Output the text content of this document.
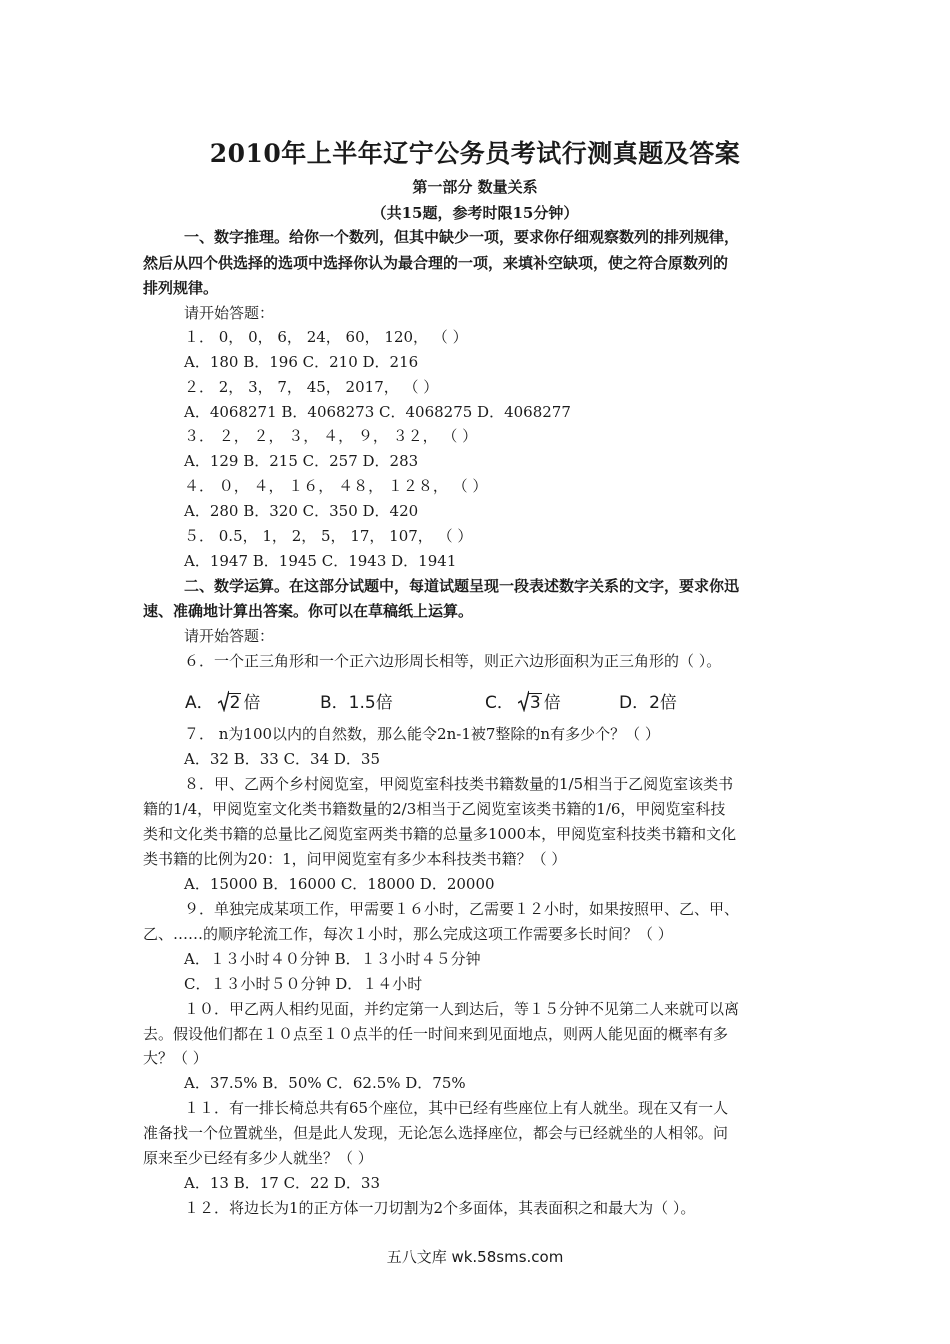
2010年上半年辽宁公务员考试行测真题及答案
第一部分 数量关系
（共15题，参考时限15分钟）
一、数字推理。给你一个数列，但其中缺少一项，要求你仔细观察数列的排列规律，
然后从四个供选择的选项中选择你认为最合理的一项，来填补空缺项，使之符合原数列的
排列规律。
请开始答题：
１． 0， 0， 6， 24， 60， 120， （ ）
A．180 B．196 C．210 D．216
２． 2， 3， 7， 45， 2017， （ ）
A．4068271 B．4068273 C．4068275 D．4068277
３． ２， ２， ３， ４， ９， ３２， （ ）
A．129 B．215 C．257 D．283
４． ０， ４， １６， ４８， １２８， （ ）
A．280 B．320 C．350 D．420
５． 0.5， 1， 2， 5， 17， 107， （ ）
A．1947 B．1945 C．1943 D．1941
二、数学运算。在这部分试题中，每道试题呈现一段表述数字关系的文字，要求你迅
速、准确地计算出答案。你可以在草稿纸上运算。
请开始答题：
６．一个正三角形和一个正六边形周长相等，则正六边形面积为正三角形的（ ）。
A． 2 倍	B．1.5倍	C． 3 倍	D．2倍
７． n为100以内的自然数，那么能令2n-1被7整除的n有多少个？（ ）
A．32 B．33 C．34 D．35
８．甲、乙两个乡村阅览室，甲阅览室科技类书籍数量的1/5相当于乙阅览室该类书
籍的1/4，甲阅览室文化类书籍数量的2/3相当于乙阅览室该类书籍的1/6，甲阅览室科技
类和文化类书籍的总量比乙阅览室两类书籍的总量多1000本，甲阅览室科技类书籍和文化
类书籍的比例为20：1，问甲阅览室有多少本科技类书籍？（ ）
A．15000 B．16000 C．18000 D．20000
９．单独完成某项工作，甲需要１６小时，乙需要１２小时，如果按照甲、乙、甲、
乙、……的顺序轮流工作，每次１小时，那么完成这项工作需要多长时间？（ ）
A．１３小时４０分钟 B．１３小时４５分钟
C．１３小时５０分钟 D．１４小时
１０．甲乙两人相约见面，并约定第一人到达后，等１５分钟不见第二人来就可以离
去。假设他们都在１０点至１０点半的任一时间来到见面地点，则两人能见面的概率有多
大？（ ）
A．37.5% B．50% C．62.5% D．75%
１１．有一排长椅总共有65个座位，其中已经有些座位上有人就坐。现在又有一人
准备找一个位置就坐，但是此人发现，无论怎么选择座位，都会与已经就坐的人相邻。问
原来至少已经有多少人就坐？（ ）
A．13 B．17 C．22 D．33
１２．将边长为1的正方体一刀切割为2个多面体，其表面积之和最大为（ ）。
五八文库 wk.58sms.com
